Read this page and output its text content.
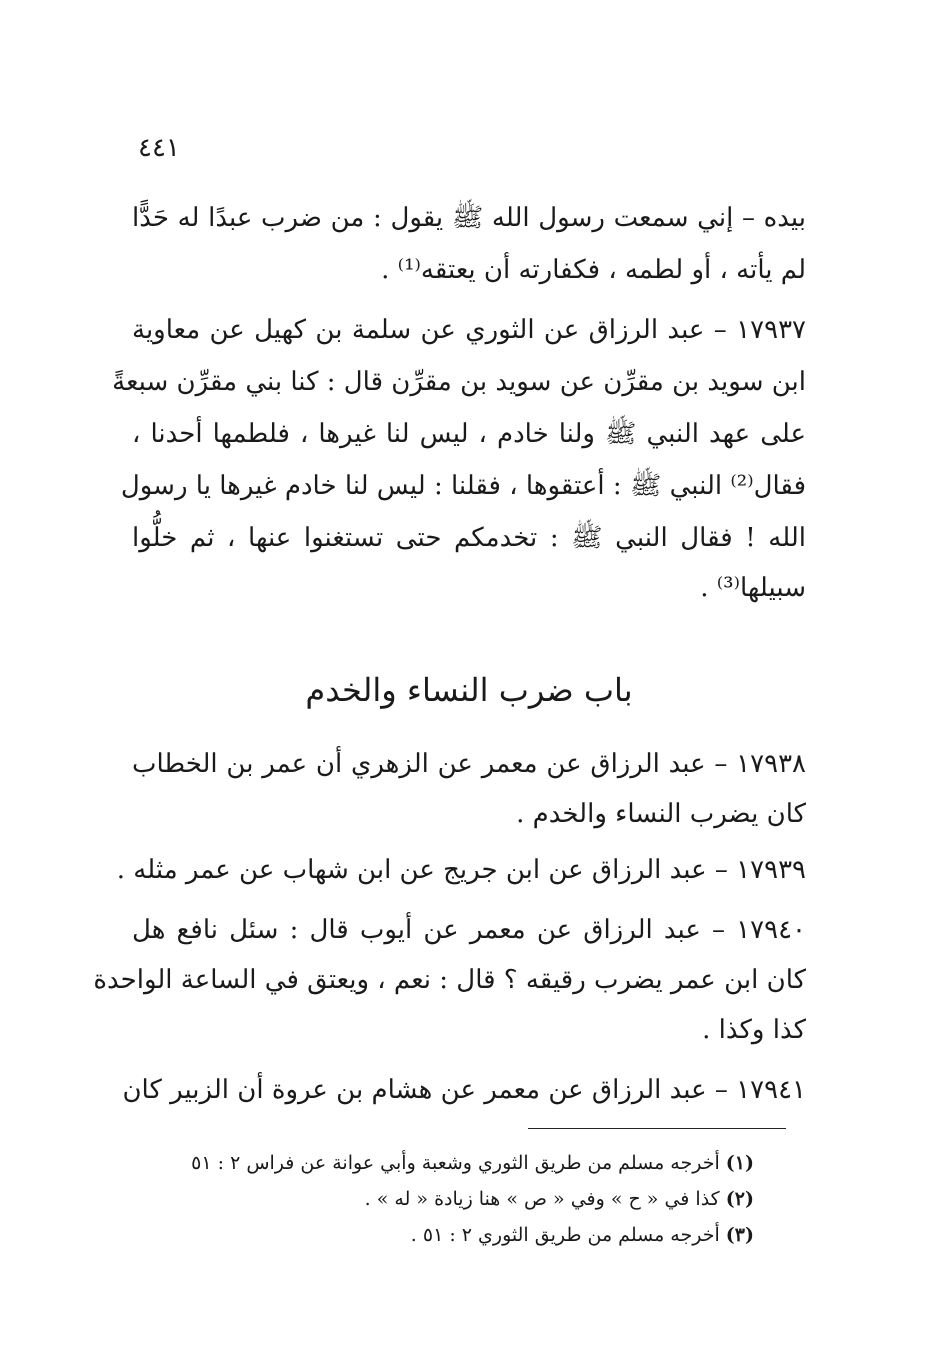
٤٤١
بيده – إني سمعت رسول الله ﷺ يقول : من ضرب عبدًا له حَدًّا
لم يأته ، أو لطمه ، فكفارته أن يعتقه⁽¹⁾ .
١٧٩٣٧ – عبد الرزاق عن الثوري عن سلمة بن كهيل عن معاوية
ابن سويد بن مقرِّن عن سويد بن مقرِّن قال : كنا بني مقرِّن سبعةً
على عهد النبي ﷺ ولنا خادم ، ليس لنا غيرها ، فلطمها أحدنا ،
فقال⁽²⁾ النبي ﷺ : أعتقوها ، فقلنا : ليس لنا خادم غيرها يا رسول
الله ! فقال النبي ﷺ : تخدمكم حتى تستغنوا عنها ، ثم خلُّوا
سبيلها⁽³⁾ .
باب ضرب النساء والخدم
١٧٩٣٨ – عبد الرزاق عن معمر عن الزهري أن عمر بن الخطاب
كان يضرب النساء والخدم .
١٧٩٣٩ – عبد الرزاق عن ابن جريج عن ابن شهاب عن عمر مثله .
١٧٩٤٠ – عبد الرزاق عن معمر عن أيوب قال : سئل نافع هل
كان ابن عمر يضرب رقيقه ؟ قال : نعم ، ويعتق في الساعة الواحدة
كذا وكذا .
١٧٩٤١ – عبد الرزاق عن معمر عن هشام بن عروة أن الزبير كان
(١) أخرجه مسلم من طريق الثوري وشعبة وأبي عوانة عن فراس ٢ : ٥١
(٢) كذا في « ح » وفي « ص » هنا زيادة « له » .
(٣) أخرجه مسلم من طريق الثوري ٢ : ٥١ .
